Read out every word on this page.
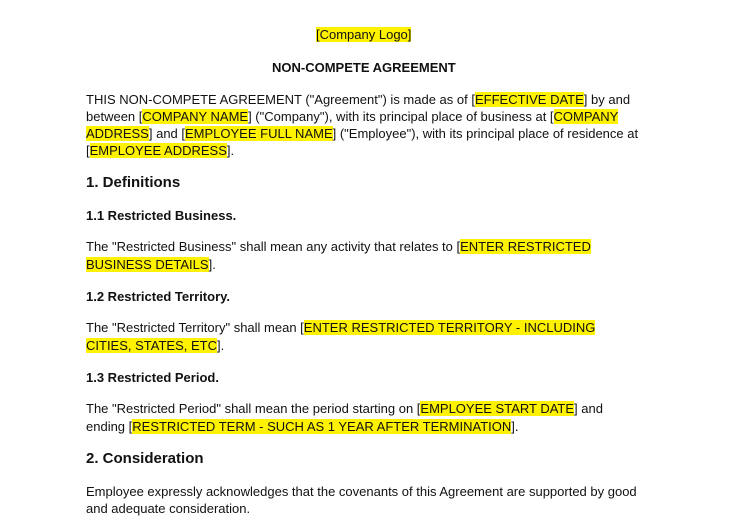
[Company Logo]
NON-COMPETE AGREEMENT
THIS NON-COMPETE AGREEMENT ("Agreement") is made as of [EFFECTIVE DATE] by and
between [COMPANY NAME] ("Company"), with its principal place of business at [COMPANY
ADDRESS] and [EMPLOYEE FULL NAME] ("Employee"), with its principal place of residence at
[EMPLOYEE ADDRESS].
1. Definitions
1.1 Restricted Business.
The "Restricted Business" shall mean any activity that relates to [ENTER RESTRICTED
BUSINESS DETAILS].
1.2 Restricted Territory.
The "Restricted Territory" shall mean [ENTER RESTRICTED TERRITORY - INCLUDING
CITIES, STATES, ETC].
1.3 Restricted Period.
The "Restricted Period" shall mean the period starting on [EMPLOYEE START DATE] and
ending [RESTRICTED TERM - SUCH AS 1 YEAR AFTER TERMINATION].
2. Consideration
Employee expressly acknowledges that the covenants of this Agreement are supported by good
and adequate consideration.
